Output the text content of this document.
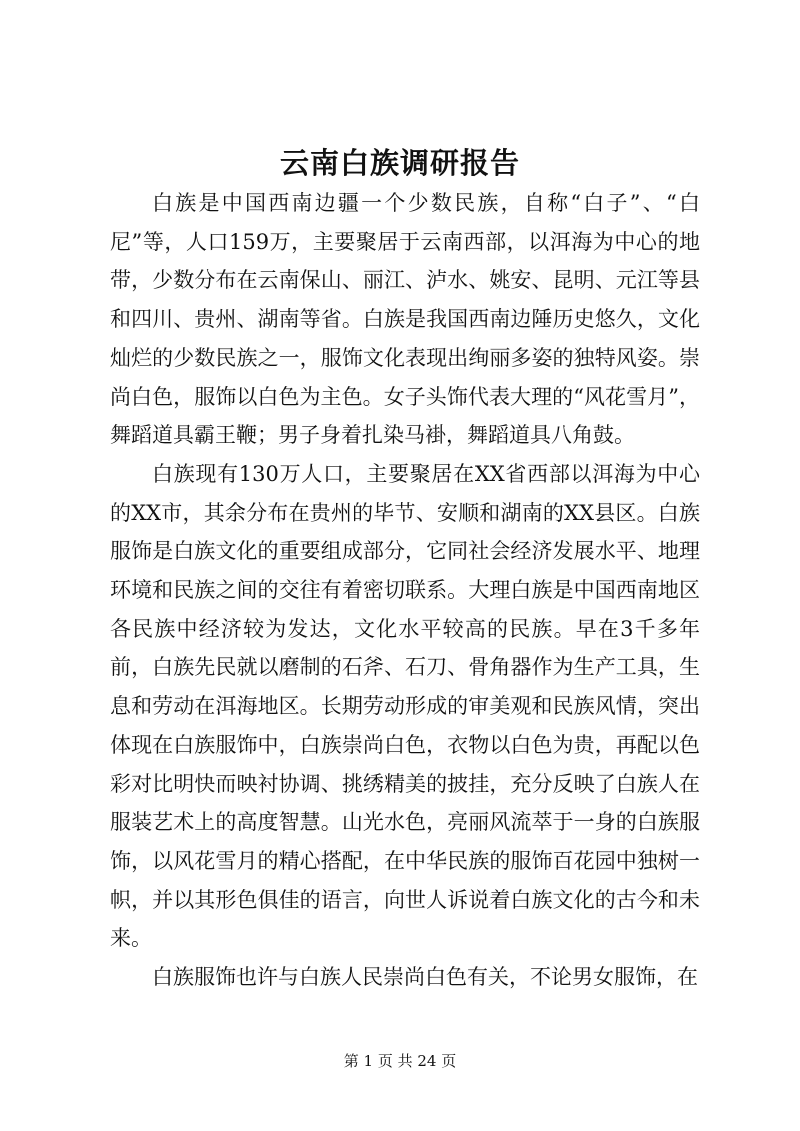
云南白族调研报告

白族是中国西南边疆一个少数民族，自称“白子”、“白尼”等，人口159万，主要聚居于云南西部，以洱海为中心的地带，少数分布在云南保山、丽江、泸水、姚安、昆明、元江等县和四川、贵州、湖南等省。白族是我国西南边陲历史悠久，文化灿烂的少数民族之一，服饰文化表现出绚丽多姿的独特风姿。崇尚白色，服饰以白色为主色。女子头饰代表大理的“风花雪月”，舞蹈道具霸王鞭；男子身着扎染马褂，舞蹈道具八角鼓。

白族现有130万人口，主要聚居在XX省西部以洱海为中心的XX市，其余分布在贵州的毕节、安顺和湖南的XX县区。白族服饰是白族文化的重要组成部分，它同社会经济发展水平、地理环境和民族之间的交往有着密切联系。大理白族是中国西南地区各民族中经济较为发达，文化水平较高的民族。早在3千多年前，白族先民就以磨制的石斧、石刀、骨角器作为生产工具，生息和劳动在洱海地区。长期劳动形成的审美观和民族风情，突出体现在白族服饰中，白族崇尚白色，衣物以白色为贵，再配以色彩对比明快而映衬协调、挑绣精美的披挂，充分反映了白族人在服装艺术上的高度智慧。山光水色，亮丽风流萃于一身的白族服饰，以风花雪月的精心搭配，在中华民族的服饰百花园中独树一帜，并以其形色俱佳的语言，向世人诉说着白族文化的古今和未来。

白族服饰也许与白族人民崇尚白色有关，不论男女服饰，在

第 1 页 共 24 页
